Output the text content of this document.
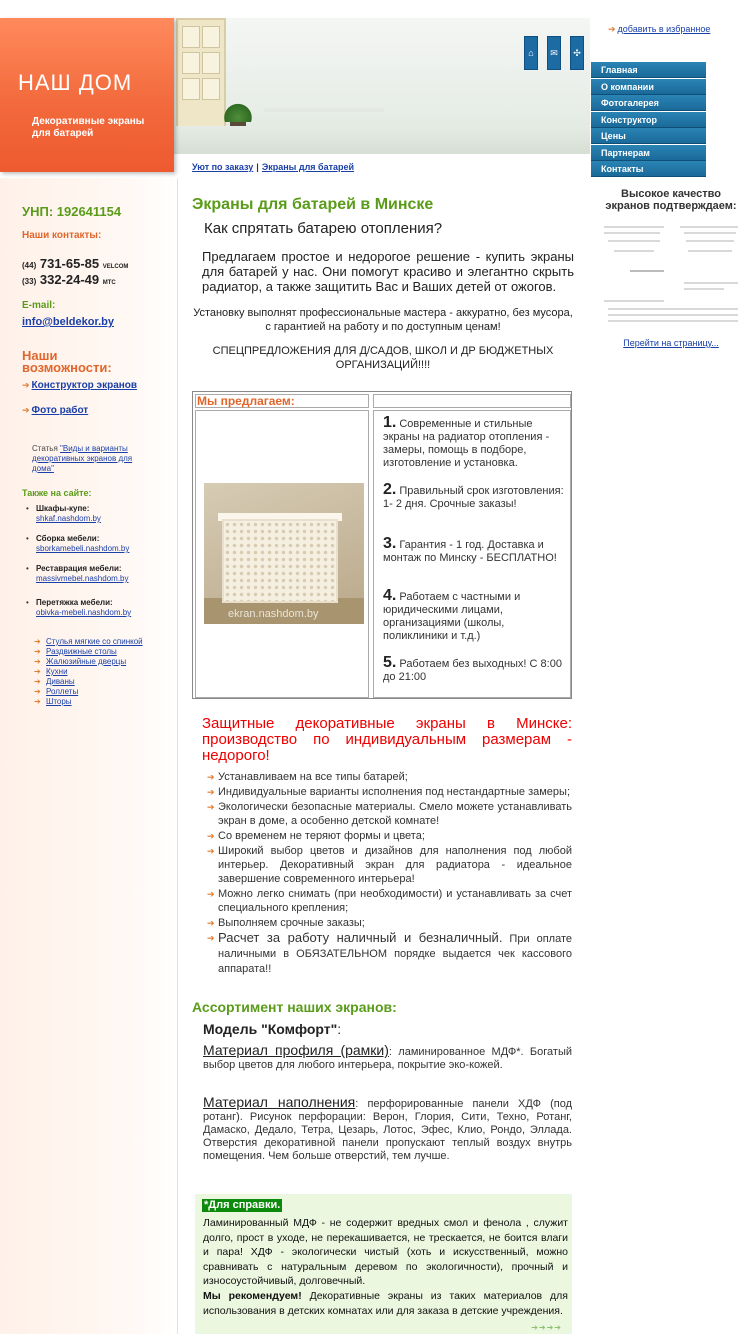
НАШ ДОМ
Декоративные экраны для батарей
⌂	✉	✣
➔ добавить в избранное
Главная
О компании
Фотогалерея
Конструктор
Цены
Партнерам
Контакты
Уют по заказу | Экраны для батарей
УНП: 192641154
Наши контакты:
(44) 731-65-85 VELCOM
(33) 332-24-49 МТС
E-mail:
info@beldekor.by
Наши возможности:
➔ Конструктор экранов
➔ Фото работ
Статья "Виды и варианты декоративных экранов для дома"
Также на сайте:
• Шкафы-купе:
shkaf.nashdom.by
• Сборка мебели:
sborkamebeli.nashdom.by
• Реставрация мебели:
massivmebel.nashdom.by
• Перетяжка мебели:
obivka-mebeli.nashdom.by
➔ Стулья мягкие со спинкой
➔ Раздвижные столы
➔ Жалюзийные дверцы
➔ Кухни
➔ Диваны
➔ Роллеты
➔ Шторы
Высокое качество экранов подтверждаем:
Перейти на страницу...
Экраны для батарей в Минске
Как спрятать батарею отопления?
Предлагаем простое и недорогое решение - купить экраны для батарей у нас. Они помогут красиво и элегантно скрыть радиатор, а также защитить Вас и Ваших детей от ожогов.
Установку выполнят профессиональные мастера - аккуратно, без мусора, с гарантией на работу и по доступным ценам!
СПЕЦПРЕДЛОЖЕНИЯ ДЛЯ Д/САДОВ, ШКОЛ И ДР БЮДЖЕТНЫХ ОРГАНИЗАЦИЙ!!!!
Мы предлагаем:
ekran.nashdom.by
1. Современные и стильные экраны на радиатор отопления - замеры, помощь в подборе, изготовление и установка.
2. Правильный срок изготовления: 1- 2 дня. Срочные заказы!
3. Гарантия - 1 год. Доставка и монтаж по Минску - БЕСПЛАТНО!
4. Работаем с частными и юридическими лицами, организациями (школы, поликлиники и т.д.)
5. Работаем без выходных! С 8:00 до 21:00
Защитные декоративные экраны в Минске: производство по индивидуальным размерам - недорого!
➔ Устанавливаем на все типы батарей;
➔ Индивидуальные варианты исполнения под нестандартные замеры;
➔ Экологически безопасные материалы. Смело можете устанавливать экран в доме, а особенно детской комнате!
➔ Со временем не теряют формы и цвета;
➔ Широкий выбор цветов и дизайнов для наполнения под любой интерьер. Декоративный экран для радиатора - идеальное завершение современного интерьера!
➔ Можно легко снимать (при необходимости) и устанавливать за счет специального крепления;
➔ Выполняем срочные заказы;
➔ Расчет за работу наличный и безналичный. При оплате наличными в ОБЯЗАТЕЛЬНОМ порядке выдается чек кассового аппарата!!
Ассортимент наших экранов:
Модель "Комфорт":
Материал профиля (рамки): ламинированное МДФ*. Богатый выбор цветов для любого интерьера, покрытие эко-кожей.
Материал наполнения: перфорированные панели ХДФ (под ротанг). Рисунок перфорации: Верон, Глория, Сити, Техно, Ротанг, Дамаско, Дедало, Тетра, Цезарь, Лотос, Эфес, Клио, Рондо, Эллада. Отверстия декоративной панели пропускают теплый воздух внутрь помещения. Чем больше отверстий, тем лучше.
*Для справки.
Ламинированный МДФ - не содержит вредных смол и фенола , служит долго, прост в уходе, не перекашивается, не трескается, не боится влаги и пара! ХДФ - экологически чистый (хоть и искусственный, можно сравнивать с натуральным деревом по экологичности), прочный и износоустойчивый, долговечный.
Мы рекомендуем! Декоративные экраны из таких материалов для использования в детских комнатах или для заказа в детские учреждения.
➔➔➔➔
